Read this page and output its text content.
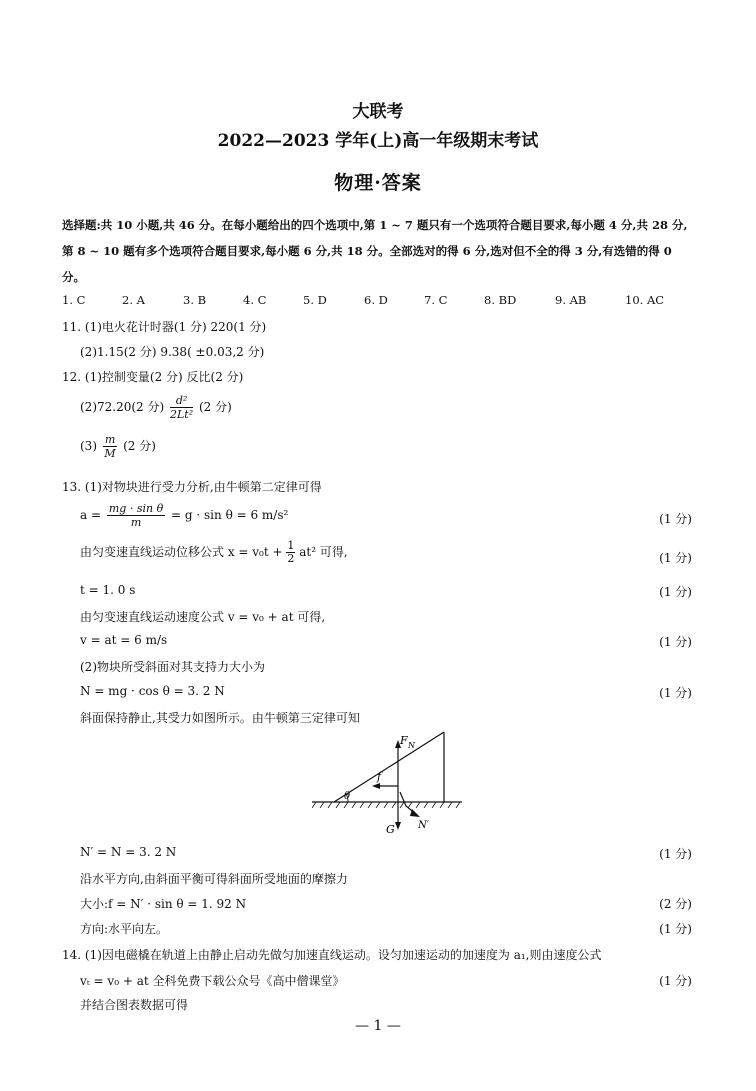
大联考
2022—2023 学年(上)高一年级期末考试
物理·答案
选择题:共 10 小题,共 46 分。在每小题给出的四个选项中,第 1 ~ 7 题只有一个选项符合题目要求,每小题 4 分,共 28 分,第 8 ~ 10 题有多个选项符合题目要求,每小题 6 分,共 18 分。全部选对的得 6 分,选对但不全的得 3 分,有选错的得 0 分。
1. C	2. A	3. B	4. C	5. D	6. D	7. C	8. BD	9. AB	10. AC
11. (1)电火花计时器(1 分) 220(1 分)
(2)1.15(2 分) 9.38( ±0.03,2 分)
12. (1)控制变量(2 分) 反比(2 分)
(2)72.20(2 分) $\frac{\text{d²}}{\text{2Lt²}} (2$ 分)
$(3) \frac{m}{M} (2$ 分)
13. (1)对物块进行受力分析,由牛顿第二定律可得
$a = \frac{\text{mg · sin θ}}{m} = g \cdot \sin \theta = 6$ m/s²	(1 分)
由匀变速直线运动位移公式 $x = v_0t + \frac{1}{2} at^2$ 可得,	(1 分)
t = 1. 0 s	(1 分)
由匀变速直线运动速度公式 v = v₀ + at 可得,
v = at = 6 m/s	(1 分)
(2)物块所受斜面对其支持力大小为
N = mg · cos θ = 3. 2 N	(1 分)
斜面保持静止,其受力如图所示。由牛顿第三定律可知
F N
f
θ
G N′
N′ = N = 3. 2 N	(1 分)
沿水平方向,由斜面平衡可得斜面所受地面的摩擦力
大小:f = N′ · sin θ = 1. 92 N	(2 分)
方向:水平向左。	(1 分)
14. (1)因电磁橇在轨道上由静止启动先做匀加速直线运动。设匀加速运动的加速度为 a₁,则由速度公式
vₜ = v₀ + at 全科免费下载公众号《高中僧课堂》	(1 分)
并结合图表数据可得
— 1 —
